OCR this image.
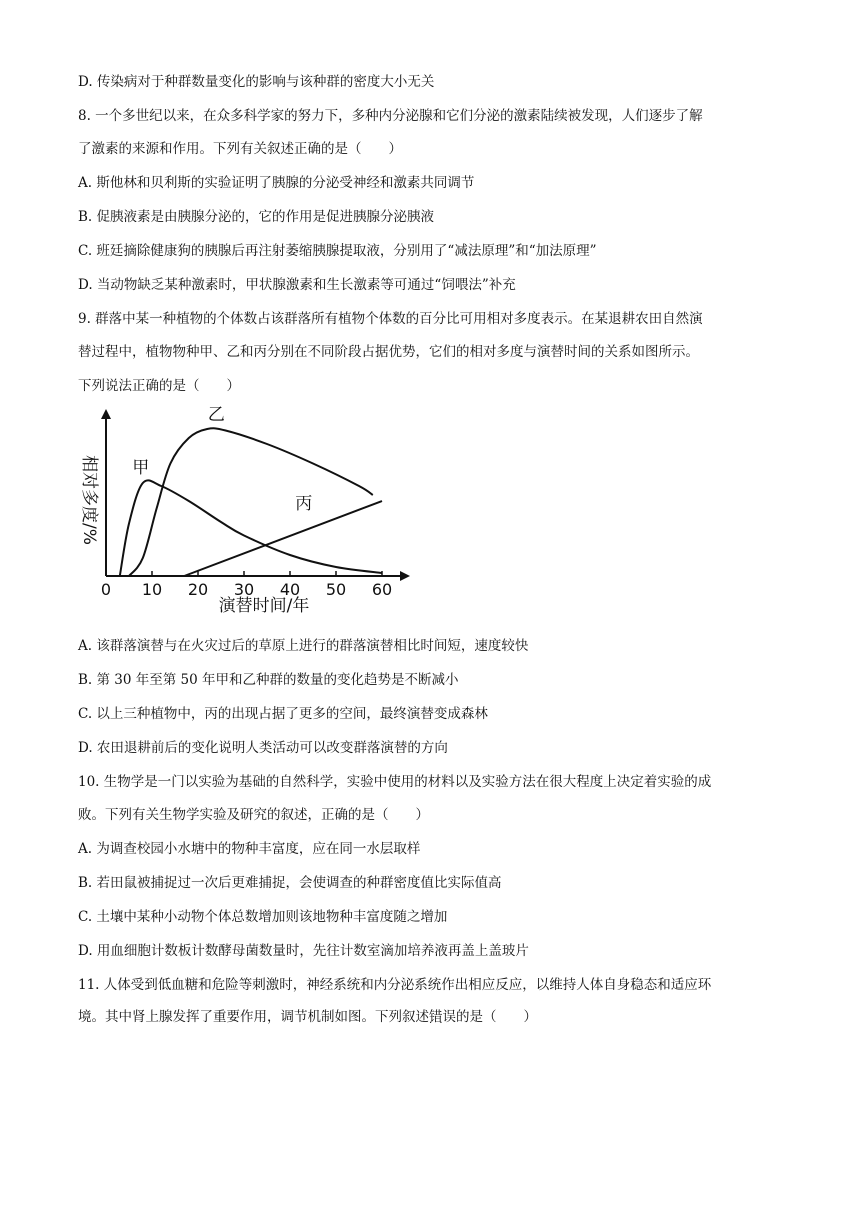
D. 传染病对于种群数量变化的影响与该种群的密度大小无关
8. 一个多世纪以来，在众多科学家的努力下，多种内分泌腺和它们分泌的激素陆续被发现，人们逐步了解
了激素的来源和作用。下列有关叙述正确的是（　　）
A. 斯他林和贝利斯的实验证明了胰腺的分泌受神经和激素共同调节
B. 促胰液素是由胰腺分泌的，它的作用是促进胰腺分泌胰液
C. 班廷摘除健康狗的胰腺后再注射萎缩胰腺提取液，分别用了“减法原理”和“加法原理”
D. 当动物缺乏某种激素时，甲状腺激素和生长激素等可通过“饲喂法”补充
9. 群落中某一种植物的个体数占该群落所有植物个体数的百分比可用相对多度表示。在某退耕农田自然演
替过程中，植物物种甲、乙和丙分别在不同阶段占据优势，它们的相对多度与演替时间的关系如图所示。
下列说法正确的是（　　）
0 10 20 30 40 50 60
演替时间/年
相对多度/% 甲
乙
丙
A. 该群落演替与在火灾过后的草原上进行的群落演替相比时间短，速度较快
B. 第 30 年至第 50 年甲和乙种群的数量的变化趋势是不断减小
C. 以上三种植物中，丙的出现占据了更多的空间，最终演替变成森林
D. 农田退耕前后的变化说明人类活动可以改变群落演替的方向
10. 生物学是一门以实验为基础的自然科学，实验中使用的材料以及实验方法在很大程度上决定着实验的成
败。下列有关生物学实验及研究的叙述，正确的是（　　）
A. 为调查校园小水塘中的物种丰富度，应在同一水层取样
B. 若田鼠被捕捉过一次后更难捕捉，会使调查的种群密度值比实际值高
C. 土壤中某种小动物个体总数增加则该地物种丰富度随之增加
D. 用血细胞计数板计数酵母菌数量时，先往计数室滴加培养液再盖上盖玻片
11. 人体受到低血糖和危险等刺激时，神经系统和内分泌系统作出相应反应，以维持人体自身稳态和适应环
境。其中肾上腺发挥了重要作用，调节机制如图。下列叙述错误 · ·的是（　　）
